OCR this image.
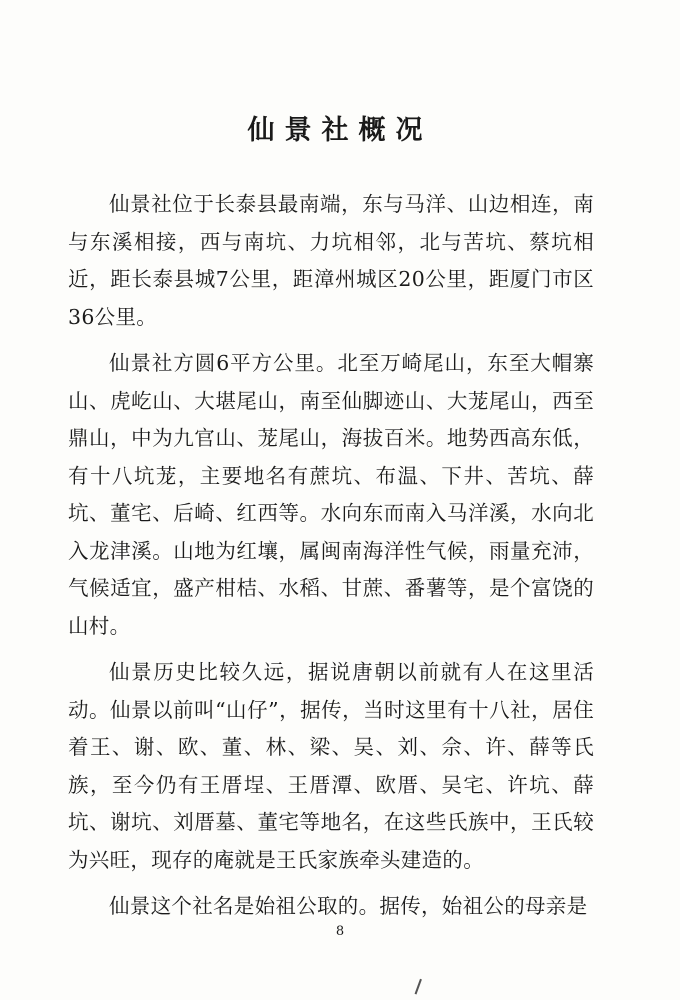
仙景社概况

仙景社位于长泰县最南端，东与马洋、山边相连，南与东溪相接，西与南坑、力坑相邻，北与苦坑、蔡坑相近，距长泰县城7公里，距漳州城区20公里，距厦门市区36公里。

仙景社方圆6平方公里。北至万崎尾山，东至大帽寨山、虎屹山、大堪尾山，南至仙脚迹山、大茏尾山，西至鼎山，中为九官山、茏尾山，海拔百米。地势西高东低，有十八坑茏，主要地名有蔗坑、布温、下井、苦坑、薛坑、董宅、后崎、红西等。水向东而南入马洋溪，水向北入龙津溪。山地为红壤，属闽南海洋性气候，雨量充沛，气候适宜，盛产柑桔、水稻、甘蔗、番薯等，是个富饶的山村。

仙景历史比较久远，据说唐朝以前就有人在这里活动。仙景以前叫“山仔”，据传，当时这里有十八社，居住着王、谢、欧、董、林、梁、吴、刘、佘、许、薛等氏族，至今仍有王厝埕、王厝潭、欧厝、吴宅、许坑、薛坑、谢坑、刘厝墓、董宅等地名，在这些氏族中，王氏较为兴旺，现存的庵就是王氏家族牵头建造的。

仙景这个社名是始祖公取的。据传，始祖公的母亲是

8
